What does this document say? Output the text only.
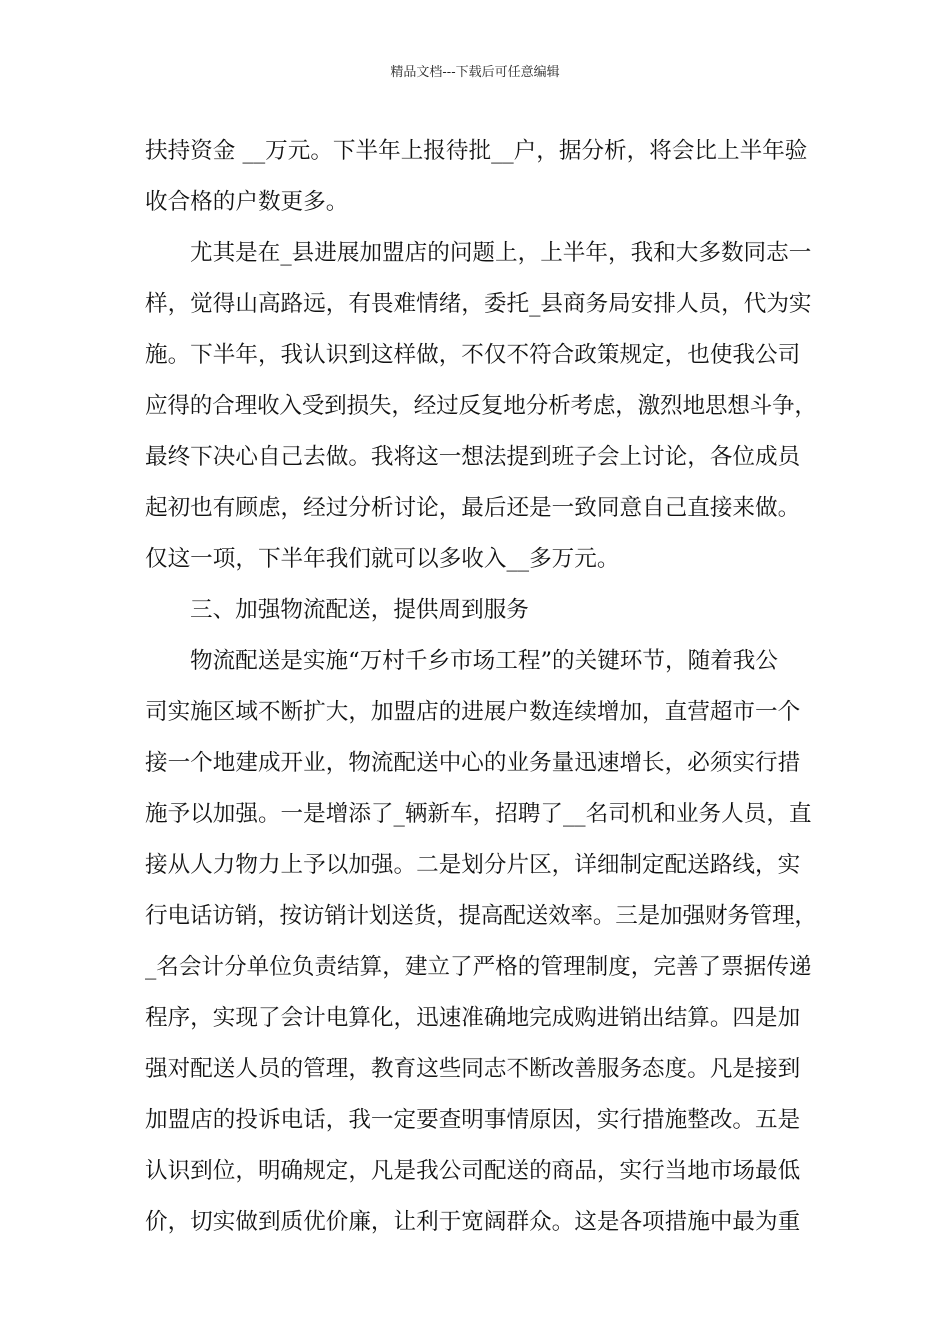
精品文档---下载后可任意编辑
扶持资金 __万元。下半年上报待批__户，据分析，将会比上半年验
收合格的户数更多。
尤其是在_县进展加盟店的问题上，上半年，我和大多数同志一
样，觉得山高路远，有畏难情绪，委托_县商务局安排人员，代为实
施。下半年，我认识到这样做，不仅不符合政策规定，也使我公司
应得的合理收入受到损失，经过反复地分析考虑，激烈地思想斗争，
最终下决心自己去做。我将这一想法提到班子会上讨论，各位成员
起初也有顾虑，经过分析讨论，最后还是一致同意自己直接来做。
仅这一项，下半年我们就可以多收入__多万元。
三、加强物流配送，提供周到服务
物流配送是实施“万村千乡市场工程”的关键环节，随着我公
司实施区域不断扩大，加盟店的进展户数连续增加，直营超市一个
接一个地建成开业，物流配送中心的业务量迅速增长，必须实行措
施予以加强。一是增添了_辆新车，招聘了__名司机和业务人员，直
接从人力物力上予以加强。二是划分片区，详细制定配送路线，实
行电话访销，按访销计划送货，提高配送效率。三是加强财务管理，
_名会计分单位负责结算，建立了严格的管理制度，完善了票据传递
程序，实现了会计电算化，迅速准确地完成购进销出结算。四是加
强对配送人员的管理，教育这些同志不断改善服务态度。凡是接到
加盟店的投诉电话，我一定要查明事情原因，实行措施整改。五是
认识到位，明确规定，凡是我公司配送的商品，实行当地市场最低
价，切实做到质优价廉，让利于宽阔群众。这是各项措施中最为重
